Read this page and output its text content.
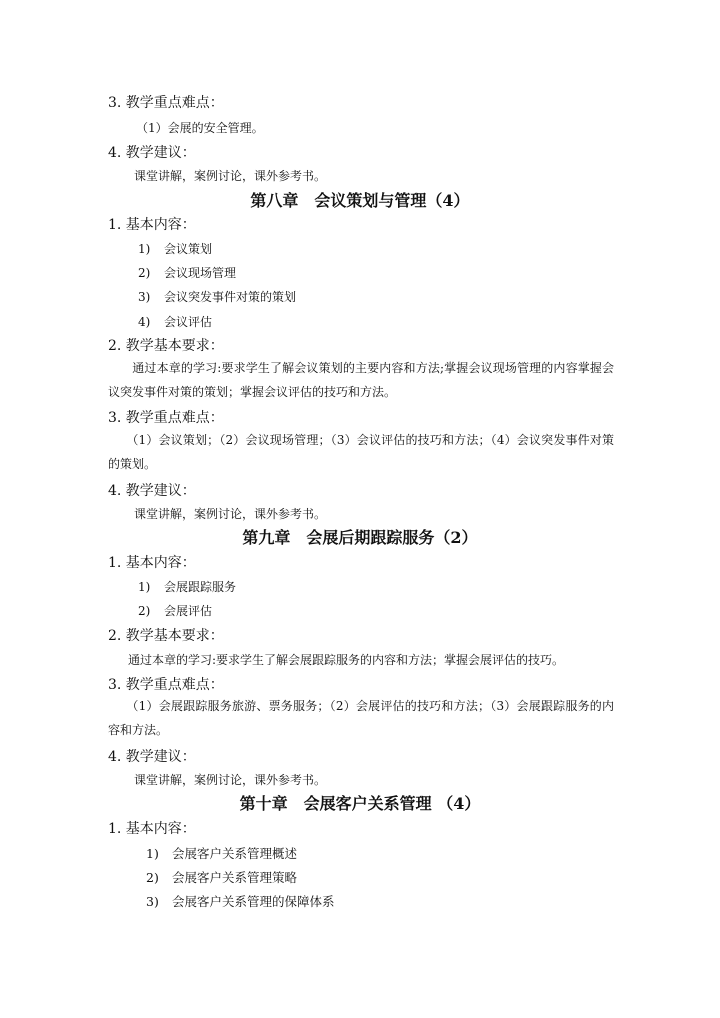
3. 教学重点难点：
（1）会展的安全管理。
4. 教学建议：
课堂讲解，案例讨论，课外参考书。
第八章　会议策划与管理（4）
1. 基本内容：
1) 会议策划
2) 会议现场管理
3) 会议突发事件对策的策划
4) 会议评估
2. 教学基本要求：
　　通过本章的学习:要求学生了解会议策划的主要内容和方法;掌握会议现场管理的内容掌握会议突发事件对策的策划；掌握会议评估的技巧和方法。
3. 教学重点难点：
　　（1）会议策划；（2）会议现场管理；（3）会议评估的技巧和方法；（4）会议突发事件对策的策划。
4. 教学建议：
课堂讲解，案例讨论，课外参考书。
第九章　会展后期跟踪服务（2）
1. 基本内容：
1) 会展跟踪服务
2) 会展评估
2. 教学基本要求：
通过本章的学习:要求学生了解会展跟踪服务的内容和方法；掌握会展评估的技巧。
3. 教学重点难点：
　　（1）会展跟踪服务旅游、票务服务；（2）会展评估的技巧和方法；（3）会展跟踪服务的内容和方法。
4. 教学建议：
课堂讲解，案例讨论，课外参考书。
第十章　会展客户关系管理 （4）
1. 基本内容：
1) 会展客户关系管理概述
2) 会展客户关系管理策略
3) 会展客户关系管理的保障体系
